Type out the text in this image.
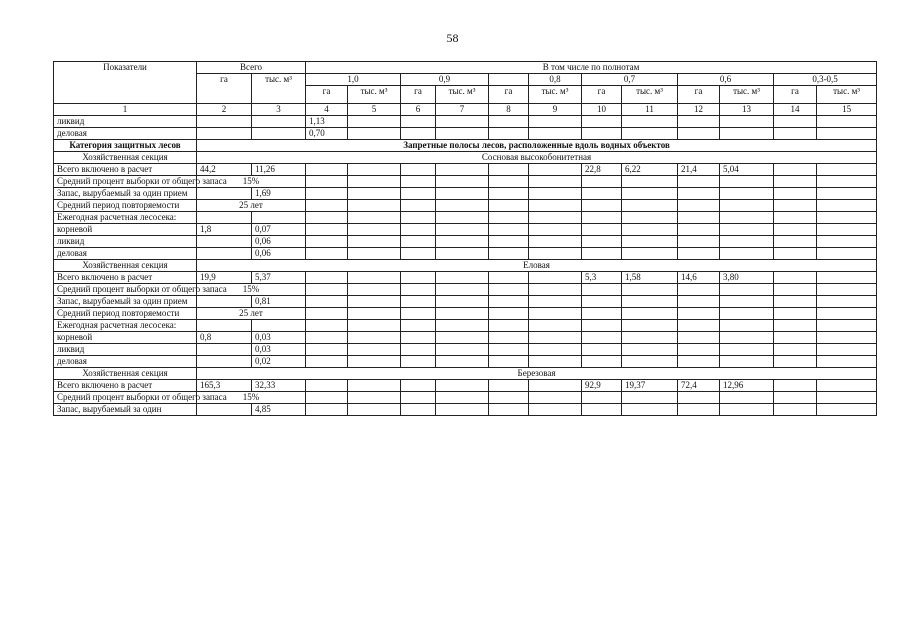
58
Показатели	Всего		В том числе по полнотам											
	га	тыс. м³	1,0		0,9			0,8	0,7		0,6		0,3-0,5	
			га	тыс. м³	га	тыс. м³	га	тыс. м³	га	тыс. м³	га	тыс. м³	га	тыс. м³
1	2	3	4	5	6	7	8	9	10	11	12	13	14	15
ликвид			1,13											
деловая			0,70											
Категория защитных лесов	Запретные полосы лесов, расположенные вдоль водных объектов													
Хозяйственная секция	Сосновая высокобонитетная													
Всего включено в расчет	44,2	11,26							22,8	6,22	21,4	5,04		
Средний процент выборки от общего запаса	15%													
Запас, вырубаемый за один прием		1,69												
Средний период повторяемости	25 лет													
Ежегодная расчетная лесосека:														
корневой	1,8	0,07												
ликвид		0,06												
деловая		0,06												
Хозяйственная секция	Еловая													
Всего включено в расчет	19,9	5,37							5,3	1,58	14,6	3,80		
Средний процент выборки от общего запаса	15%													
Запас, вырубаемый за один прием		0,81												
Средний период повторяемости	25 лет													
Ежегодная расчетная лесосека:														
корневой	0,8	0,03												
ликвид		0,03												
деловая		0,02												
Хозяйственная секция	Березовая													
Всего включено в расчет	165,3	32,33							92,9	19,37	72,4	12,96		
Средний процент выборки от общего запаса	15%													
Запас, вырубаемый за один		4,85												
